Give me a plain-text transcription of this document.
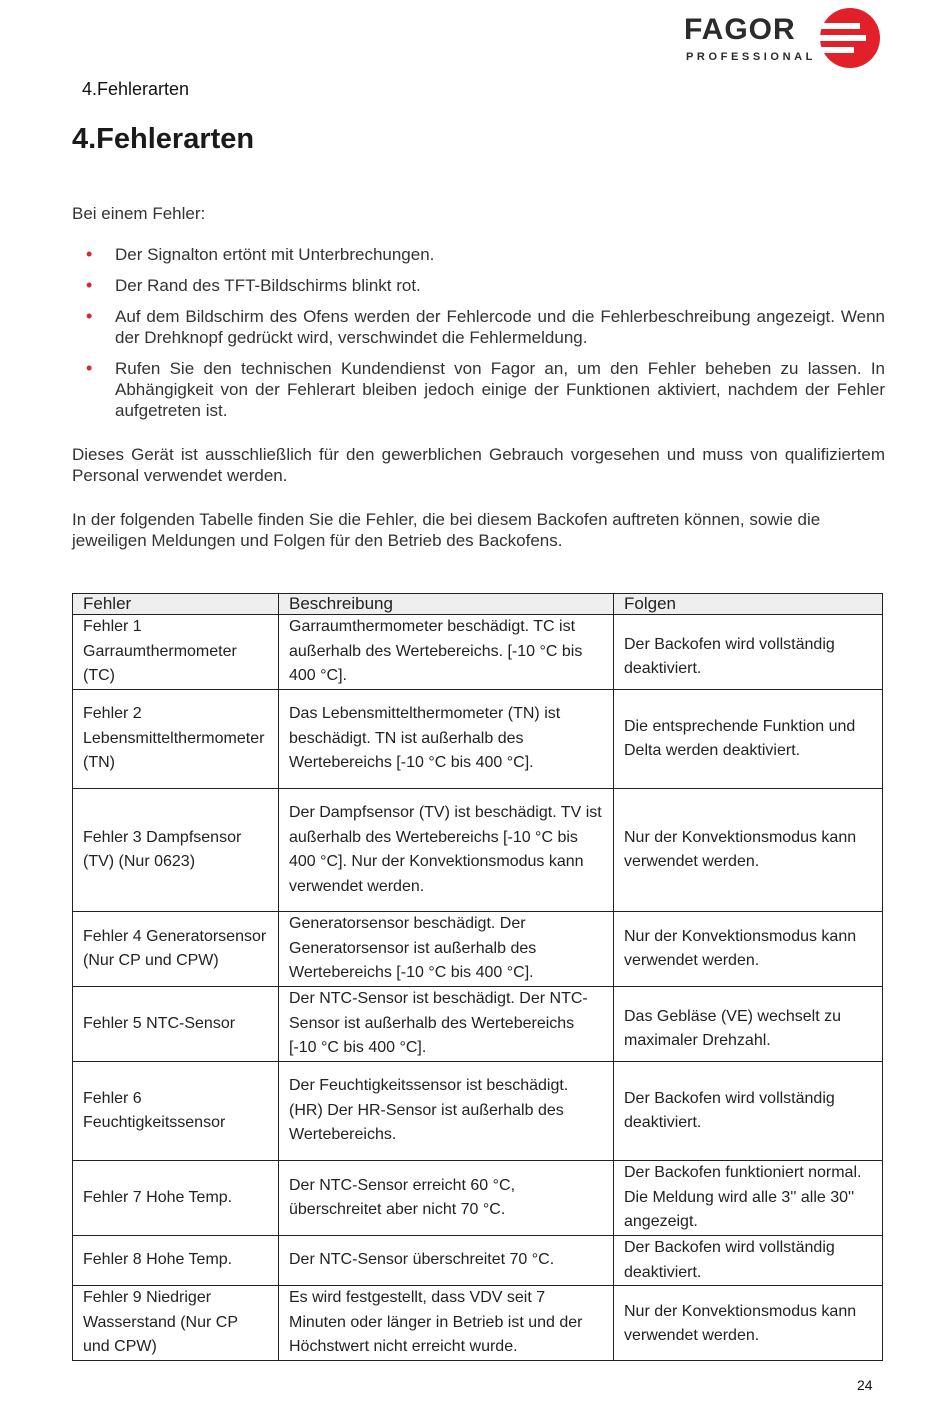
FAGOR
PROFESSIONAL
4.Fehlerarten
4.Fehlerarten
Bei einem Fehler:
• Der Signalton ertönt mit Unterbrechungen.
• Der Rand des TFT-Bildschirms blinkt rot.
• Auf dem Bildschirm des Ofens werden der Fehlercode und die Fehlerbeschreibung angezeigt. Wenn der Drehknopf gedrückt wird, verschwindet die Fehlermeldung.
• Rufen Sie den technischen Kundendienst von Fagor an, um den Fehler beheben zu lassen. In Abhängigkeit von der Fehlerart bleiben jedoch einige der Funktionen aktiviert, nachdem der Fehler aufgetreten ist.
Dieses Gerät ist ausschließlich für den gewerblichen Gebrauch vorgesehen und muss von qualifiziertem Personal verwendet werden.
In der folgenden Tabelle finden Sie die Fehler, die bei diesem Backofen auftreten können, sowie die jeweiligen Meldungen und Folgen für den Betrieb des Backofens.
Fehler	Beschreibung	Folgen
Fehler 1 Garraumthermometer (TC)	Garraumthermometer beschädigt. TC ist außerhalb des Wertebereichs. [-10 °C bis 400 °C].	Der Backofen wird vollständig deaktiviert.
Fehler 2 Lebensmittelthermometer (TN)	Das Lebensmittelthermometer (TN) ist beschädigt. TN ist außerhalb des Wertebereichs [-10 °C bis 400 °C].	Die entsprechende Funktion und Delta werden deaktiviert.
Fehler 3 Dampfsensor (TV) (Nur 0623)	Der Dampfsensor (TV) ist beschädigt. TV ist außerhalb des Wertebereichs [-10 °C bis 400 °C]. Nur der Konvektionsmodus kann verwendet werden.	Nur der Konvektionsmodus kann verwendet werden.
Fehler 4 Generatorsensor (Nur CP und CPW)	Generatorsensor beschädigt. Der Generatorsensor ist außerhalb des Wertebereichs [-10 °C bis 400 °C].	Nur der Konvektionsmodus kann verwendet werden.
Fehler 5 NTC-Sensor	Der NTC-Sensor ist beschädigt. Der NTC-Sensor ist außerhalb des Wertebereichs [-10 °C bis 400 °C].	Das Gebläse (VE) wechselt zu maximaler Drehzahl.
Fehler 6 Feuchtigkeitssensor	Der Feuchtigkeitssensor ist beschädigt. (HR) Der HR-Sensor ist außerhalb des Wertebereichs.	Der Backofen wird vollständig deaktiviert.
Fehler 7 Hohe Temp.	Der NTC-Sensor erreicht 60 °C, überschreitet aber nicht 70 °C.	Der Backofen funktioniert normal. Die Meldung wird alle 3'' alle 30'' angezeigt.
Fehler 8 Hohe Temp.	Der NTC-Sensor überschreitet 70 °C.	Der Backofen wird vollständig deaktiviert.
Fehler 9 Niedriger Wasserstand (Nur CP und CPW)	Es wird festgestellt, dass VDV seit 7 Minuten oder länger in Betrieb ist und der Höchstwert nicht erreicht wurde.	Nur der Konvektionsmodus kann verwendet werden.
24
